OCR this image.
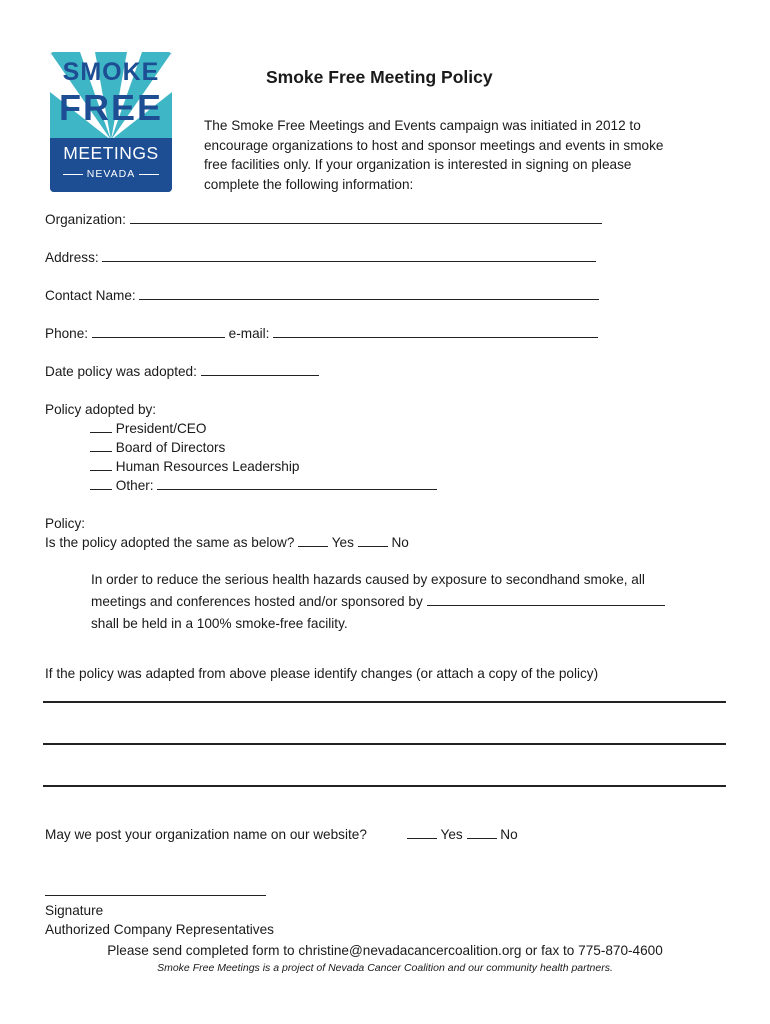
SMOKE
FREE
MEETINGS
NEVADA
Smoke Free Meeting Policy
The Smoke Free Meetings and Events campaign was initiated in 2012 to
encourage organizations to host and sponsor meetings and events in smoke
free facilities only. If your organization is interested in signing on please
complete the following information:
Organization:
Address:
Contact Name:
Phone:	e-mail:
Date policy was adopted:
Policy adopted by:
President/CEO
Board of Directors
Human Resources Leadership
Other:
Policy:
Is the policy adopted the same as below?	Yes	No
In order to reduce the serious health hazards caused by exposure to secondhand smoke, all
meetings and conferences hosted and/or sponsored by
shall be held in a 100% smoke-free facility.
If the policy was adapted from above please identify changes (or attach a copy of the policy)
May we post your organization name on our website?	Yes	No
Signature
Authorized Company Representatives
Please send completed form to christine@nevadacancercoalition.org or fax to 775-870-4600
Smoke Free Meetings is a project of Nevada Cancer Coalition and our community health partners.
